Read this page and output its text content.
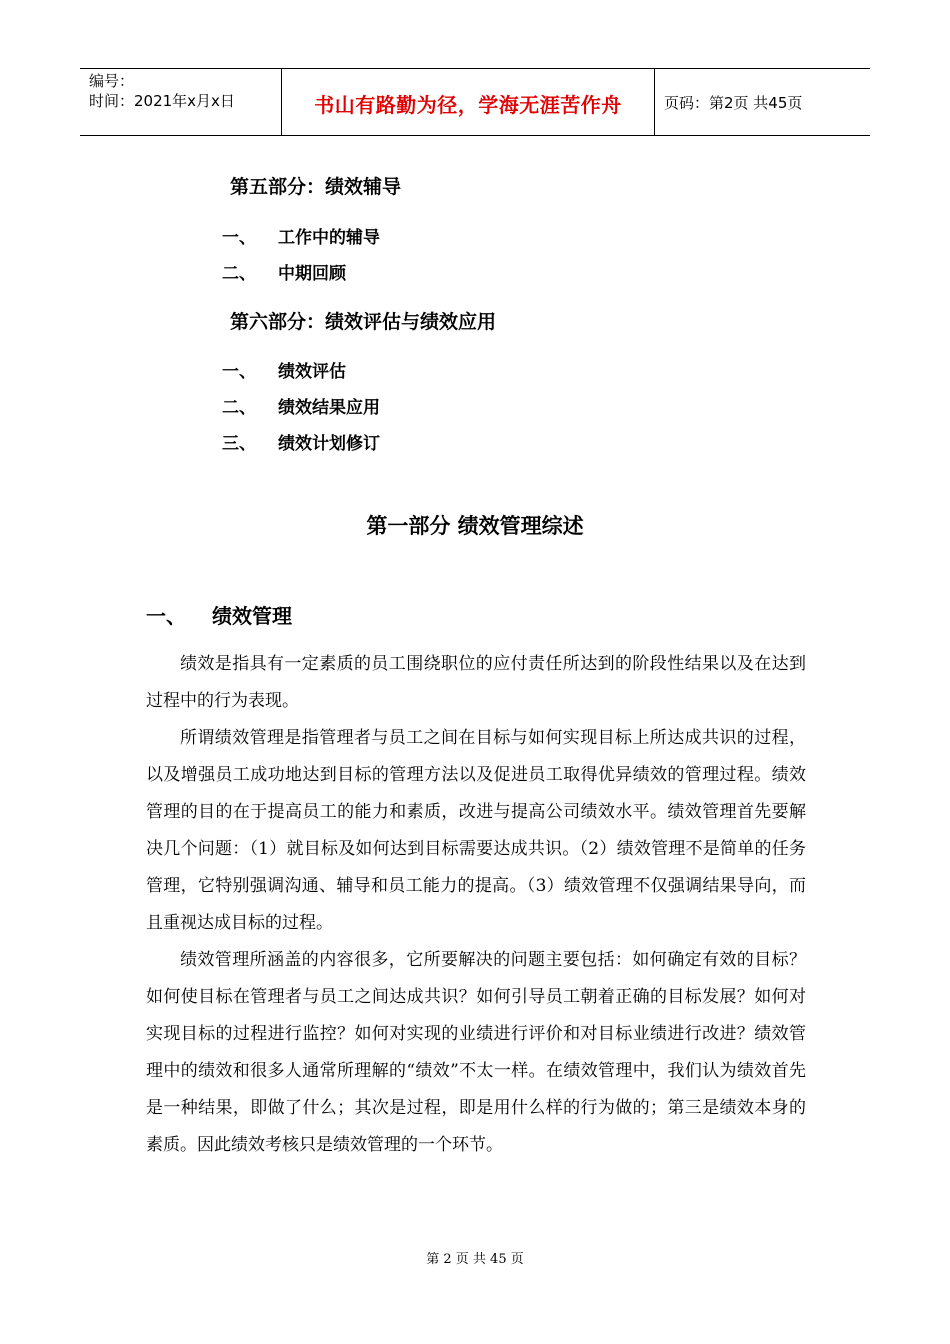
编号：
时间：2021年x月x日	书山有路勤为径，学海无涯苦作舟	页码：第2页 共45页
第五部分：绩效辅导
一、 工作中的辅导
二、 中期回顾
第六部分：绩效评估与绩效应用
一、 绩效评估
二、 绩效结果应用
三、 绩效计划修订
第一部分 绩效管理综述
一、 绩效管理

绩效是指具有一定素质的员工围绕职位的应付责任所达到的阶段性结果以及在达到过程中的行为表现。

所谓绩效管理是指管理者与员工之间在目标与如何实现目标上所达成共识的过程，以及增强员工成功地达到目标的管理方法以及促进员工取得优异绩效的管理过程。绩效管理的目的在于提高员工的能力和素质，改进与提高公司绩效水平。绩效管理首先要解决几个问题：（1）就目标及如何达到目标需要达成共识。（2）绩效管理不是简单的任务管理，它特别强调沟通、辅导和员工能力的提高。（3）绩效管理不仅强调结果导向，而且重视达成目标的过程。

绩效管理所涵盖的内容很多，它所要解决的问题主要包括：如何确定有效的目标？如何使目标在管理者与员工之间达成共识？如何引导员工朝着正确的目标发展？如何对实现目标的过程进行监控？如何对实现的业绩进行评价和对目标业绩进行改进？绩效管理中的绩效和很多人通常所理解的“绩效”不太一样。在绩效管理中，我们认为绩效首先是一种结果，即做了什么；其次是过程，即是用什么样的行为做的；第三是绩效本身的素质。因此绩效考核只是绩效管理的一个环节。

第 2 页 共 45 页
